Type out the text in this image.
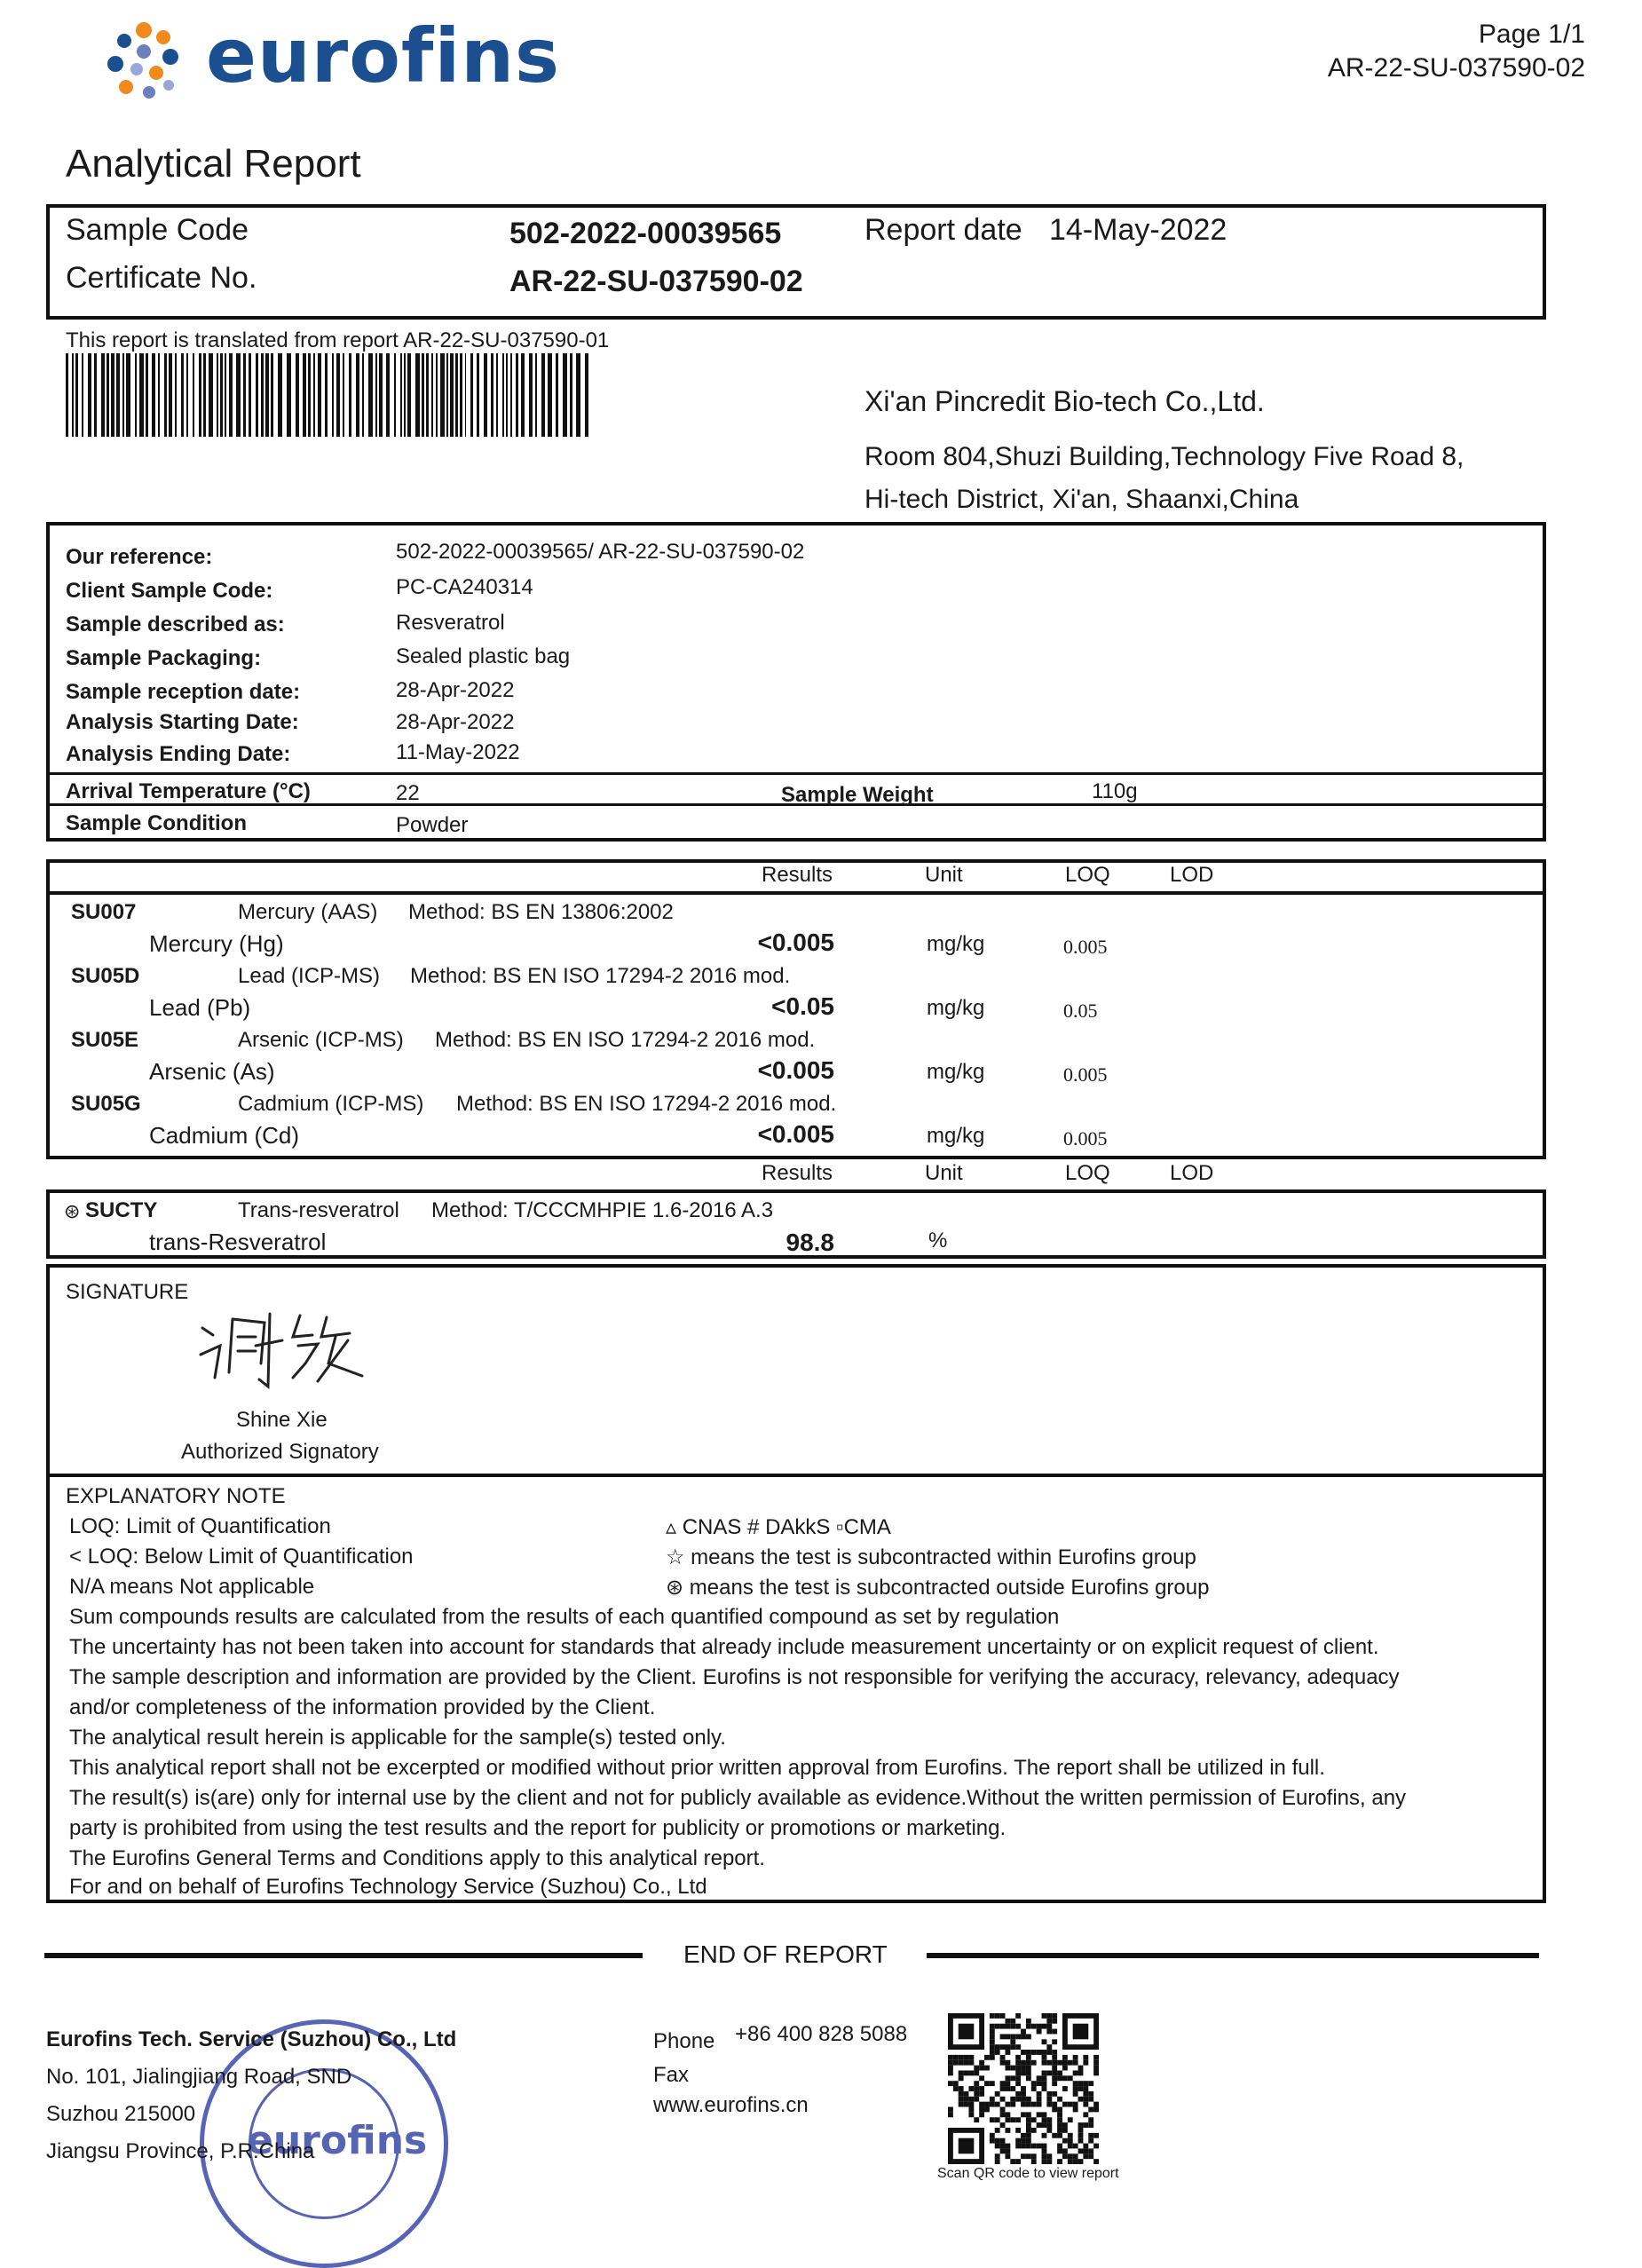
eurofins	Page 1/1
AR-22-SU-037590-02
Analytical Report
Sample Code	502-2022-00039565	Report date 14-May-2022
Certificate No.	AR-22-SU-037590-02
This report is translated from report AR-22-SU-037590-01
Xi'an Pincredit Bio-tech Co.,Ltd.
Room 804,Shuzi Building,Technology Five Road 8,
Hi-tech District, Xi'an, Shaanxi,China
Our reference:	502-2022-00039565/ AR-22-SU-037590-02
Client Sample Code:	PC-CA240314
Sample described as:	Resveratrol
Sample Packaging:	Sealed plastic bag
Sample reception date:	28-Apr-2022
Analysis Starting Date:	28-Apr-2022
Analysis Ending Date:	11-May-2022
Arrival Temperature (°C)	22	Sample Weight	110g
Sample Condition	Powder
Results	Unit	LOQ	LOD
SU007	Mercury (AAS) Method: BS EN 13806:2002
Mercury (Hg)	<0.005	mg/kg	0.005
SU05D	Lead (ICP-MS) Method: BS EN ISO 17294-2 2016 mod.
Lead (Pb)	<0.05	mg/kg	0.05
SU05E	Arsenic (ICP-MS) Method: BS EN ISO 17294-2 2016 mod.
Arsenic (As)	<0.005	mg/kg	0.005
SU05G	Cadmium (ICP-MS) Method: BS EN ISO 17294-2 2016 mod.
Cadmium (Cd)	<0.005	mg/kg	0.005
Results	Unit	LOQ	LOD
⊛ SUCTY	Trans-resveratrol Method: T/CCCMHPIE 1.6-2016 A.3
trans-Resveratrol	98.8	%
SIGNATURE
Shine Xie
Authorized Signatory
EXPLANATORY NOTE
LOQ: Limit of Quantification
< LOQ: Below Limit of Quantification
N/A means Not applicable
▵ CNAS # DAkkS ▫CMA
☆ means the test is subcontracted within Eurofins group
⊛ means the test is subcontracted outside Eurofins group
Sum compounds results are calculated from the results of each quantified compound as set by regulation
The uncertainty has not been taken into account for standards that already include measurement uncertainty or on explicit request of client.
The sample description and information are provided by the Client. Eurofins is not responsible for verifying the accuracy, relevancy, adequacy
and/or completeness of the information provided by the Client.
The analytical result herein is applicable for the sample(s) tested only.
This analytical report shall not be excerpted or modified without prior written approval from Eurofins. The report shall be utilized in full.
The result(s) is(are) only for internal use by the client and not for publicly available as evidence.Without the written permission of Eurofins, any
party is prohibited from using the test results and the report for publicity or promotions or marketing.
The Eurofins General Terms and Conditions apply to this analytical report.
For and on behalf of Eurofins Technology Service (Suzhou) Co., Ltd
END OF REPORT
eurofins
Eurofins Tech. Service (Suzhou) Co., Ltd
No. 101, Jialingjiang Road, SND
Suzhou 215000
Jiangsu Province, P.R.China
Phone +86 400 828 5088
Fax
www.eurofins.cn
Scan QR code to view report
